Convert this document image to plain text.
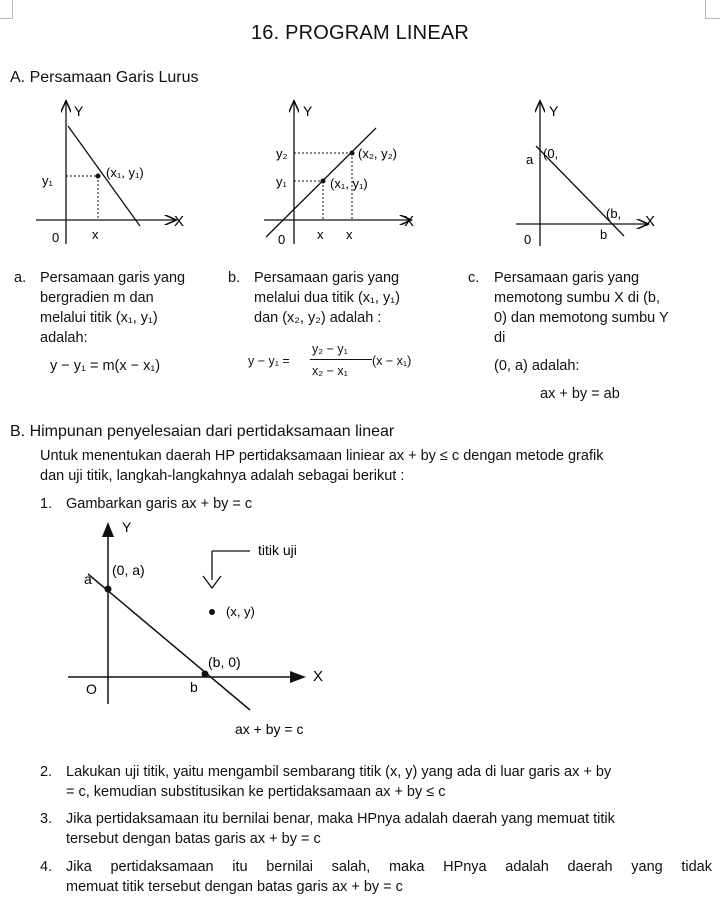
16. PROGRAM LINEAR
A. Persamaan Garis Lurus
Y
X
0
y₁
x
(x₁, y₁)
Y
X
0
y₂
y₁
x x
(x₂, y₂)
(x₁, y₁)
Y
X
0
a
b
(0,
(b,
a. Persamaan garis yang
bergradien m dan
melalui titik (x₁, y₁)
adalah:
y − y₁ = m(x − x₁)
b. Persamaan garis yang
melalui dua titik (x₁, y₁)
dan (x₂, y₂) adalah :
y − y₁ =
y₂ − y₁
x₂ − x₁
(x − x₁)
c. Persamaan garis yang
memotong sumbu X di (b,
0) dan memotong sumbu Y
di
(0, a) adalah:
ax + by = ab
B. Himpunan penyelesaian dari pertidaksamaan linear
Untuk menentukan daerah HP pertidaksamaan liniear ax + by ≤ c dengan metode grafik
dan uji titik, langkah-langkahnya adalah sebagai berikut :
1. Gambarkan garis ax + by = c
Y
X
O
a
b
(0, a)
(b, 0)
titik uji
(x, y)
ax + by = c
2. Lakukan uji titik, yaitu mengambil sembarang titik (x, y) yang ada di luar garis ax + by
= c, kemudian substitusikan ke pertidaksamaan ax + by ≤ c
3. Jika pertidaksamaan itu bernilai benar, maka HPnya adalah daerah yang memuat titik
tersebut dengan batas garis ax + by = c
4. Jika pertidaksamaan itu bernilai salah, maka HPnya adalah daerah yang tidak
memuat titik tersebut dengan batas garis ax + by = c
